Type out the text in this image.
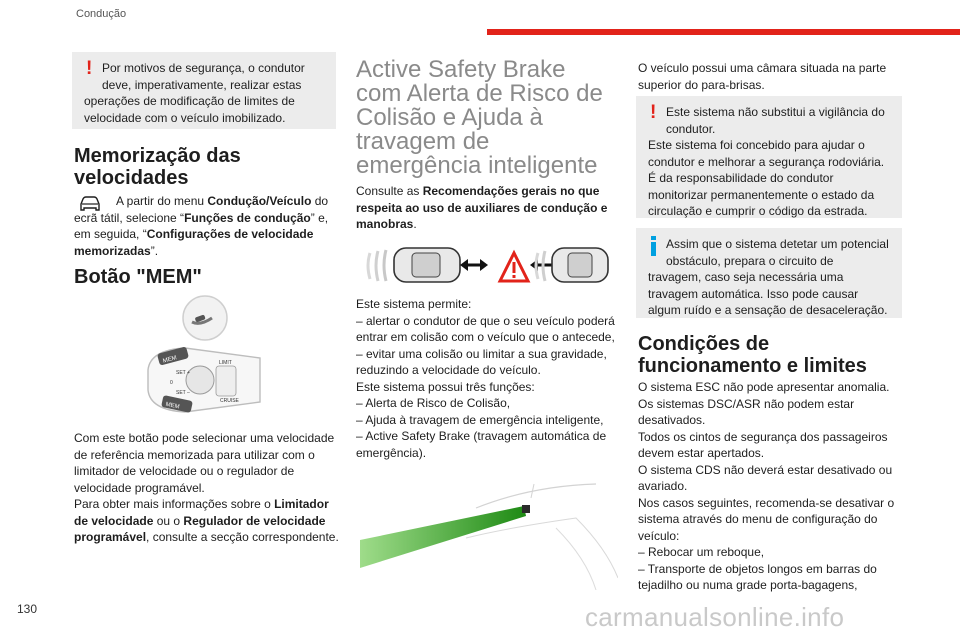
Condução
! Por motivos de segurança, o condutor deve, imperativamente, realizar estas
operações de modificação de limites de velocidade com o veículo imobilizado.
Memorização das velocidades
A partir do menu Condução/Veículo do ecrã tátil, selecione “Funções de condução” e, em seguida, “Configurações de velocidade memorizadas”.
Botão "MEM"
MEM
MEM
SET +
SET –
0
LIMIT
CRUISE
Com este botão pode selecionar uma velocidade de referência memorizada para utilizar com o limitador de velocidade ou o regulador de velocidade programável.
Para obter mais informações sobre o Limitador de velocidade ou o Regulador de velocidade programável, consulte a secção correspondente.
Active Safety Brake com Alerta de Risco de Colisão e Ajuda à travagem de emergência inteligente
Consulte as Recomendações gerais no que respeita ao uso de auxiliares de condução e manobras.
Este sistema permite:
– alertar o condutor de que o seu veículo poderá entrar em colisão com o veículo que o antecede,
– evitar uma colisão ou limitar a sua gravidade, reduzindo a velocidade do veículo.
Este sistema possui três funções:
– Alerta de Risco de Colisão,
– Ajuda à travagem de emergência inteligente,
– Active Safety Brake (travagem automática de emergência).
O veículo possui uma câmara situada na parte superior do para-brisas.
! Este sistema não substitui a vigilância do condutor.
Este sistema foi concebido para ajudar o condutor e melhorar a segurança rodoviária. É da responsabilidade do condutor monitorizar permanentemente o estado da circulação e cumprir o código da estrada.
Assim que o sistema detetar um potencial obstáculo, prepara o circuito de
travagem, caso seja necessária uma travagem automática. Isso pode causar algum ruído e a sensação de desaceleração.
Condições de funcionamento e limites
O sistema ESC não pode apresentar anomalia.
Os sistemas DSC/ASR não podem estar desativados.
Todos os cintos de segurança dos passageiros devem estar apertados.
O sistema CDS não deverá estar desativado ou avariado.
Nos casos seguintes, recomenda-se desativar o sistema através do menu de configuração do veículo:
– Rebocar um reboque,
– Transporte de objetos longos em barras do tejadilho ou numa grade porta-bagagens,
130	carmanualsonline.info
